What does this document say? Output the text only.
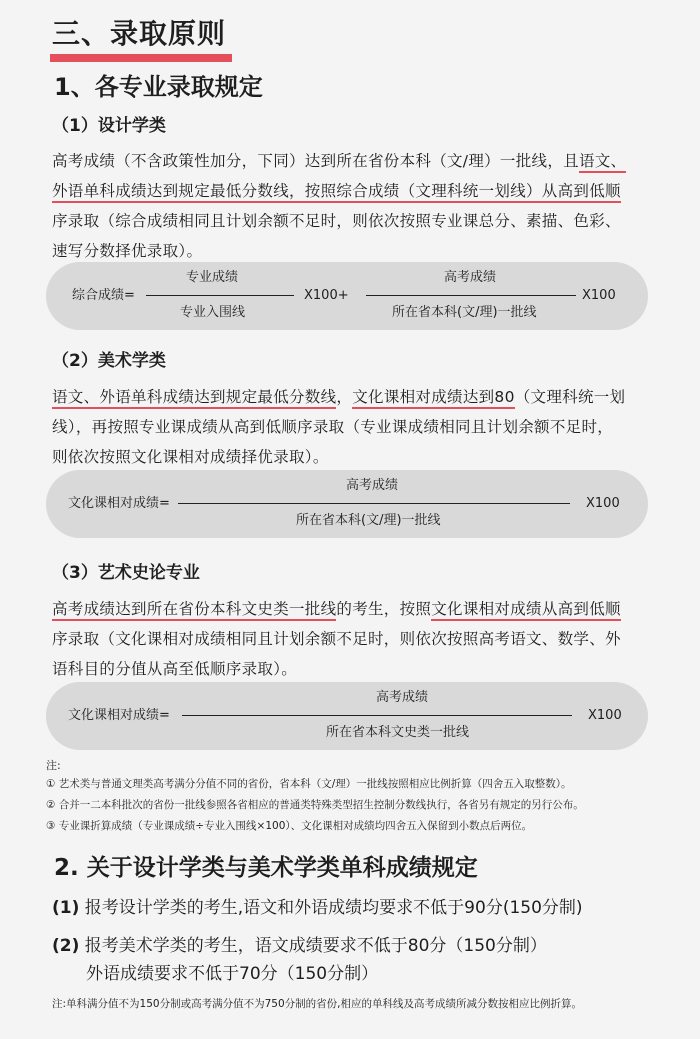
三、录取原则
1、各专业录取规定
（1）设计学类
高考成绩（不含政策性加分，下同）达到所在省份本科（文/理）一批线，且语文、
外语单科成绩达到规定最低分数线，按照综合成绩（文理科统一划线）从高到低顺
序录取（综合成绩相同且计划余额不足时，则依次按照专业课总分、素描、色彩、
速写分数择优录取）。
综合成绩=
专业成绩
专业入围线
X100+
高考成绩
所在省本科(文/理)一批线
X100
（2）美术学类
语文、外语单科成绩达到规定最低分数线，文化课相对成绩达到80（文理科统一划
线），再按照专业课成绩从高到低顺序录取（专业课成绩相同且计划余额不足时，
则依次按照文化课相对成绩择优录取）。
文化课相对成绩=
高考成绩
所在省本科(文/理)一批线
X100
（3）艺术史论专业
高考成绩达到所在省份本科文史类一批线的考生，按照文化课相对成绩从高到低顺
序录取（文化课相对成绩相同且计划余额不足时，则依次按照高考语文、数学、外
语科目的分值从高至低顺序录取）。
文化课相对成绩=
高考成绩
所在省本科文史类一批线
X100
注:
① 艺术类与普通文理类高考满分分值不同的省份，省本科（文/理）一批线按照相应比例折算（四舍五入取整数）。
② 合并一二本科批次的省份一批线参照各省相应的普通类特殊类型招生控制分数线执行，各省另有规定的另行公布。
③ 专业课折算成绩（专业课成绩÷专业入围线×100）、文化课相对成绩均四舍五入保留到小数点后两位。
2. 关于设计学类与美术学类单科成绩规定
(1) 报考设计学类的考生,语文和外语成绩均要求不低于90分(150分制)
(2) 报考美术学类的考生，语文成绩要求不低于80分（150分制）
外语成绩要求不低于70分（150分制）
注:单科满分值不为150分制或高考满分值不为750分制的省份,相应的单科线及高考成绩所减分数按相应比例折算。
